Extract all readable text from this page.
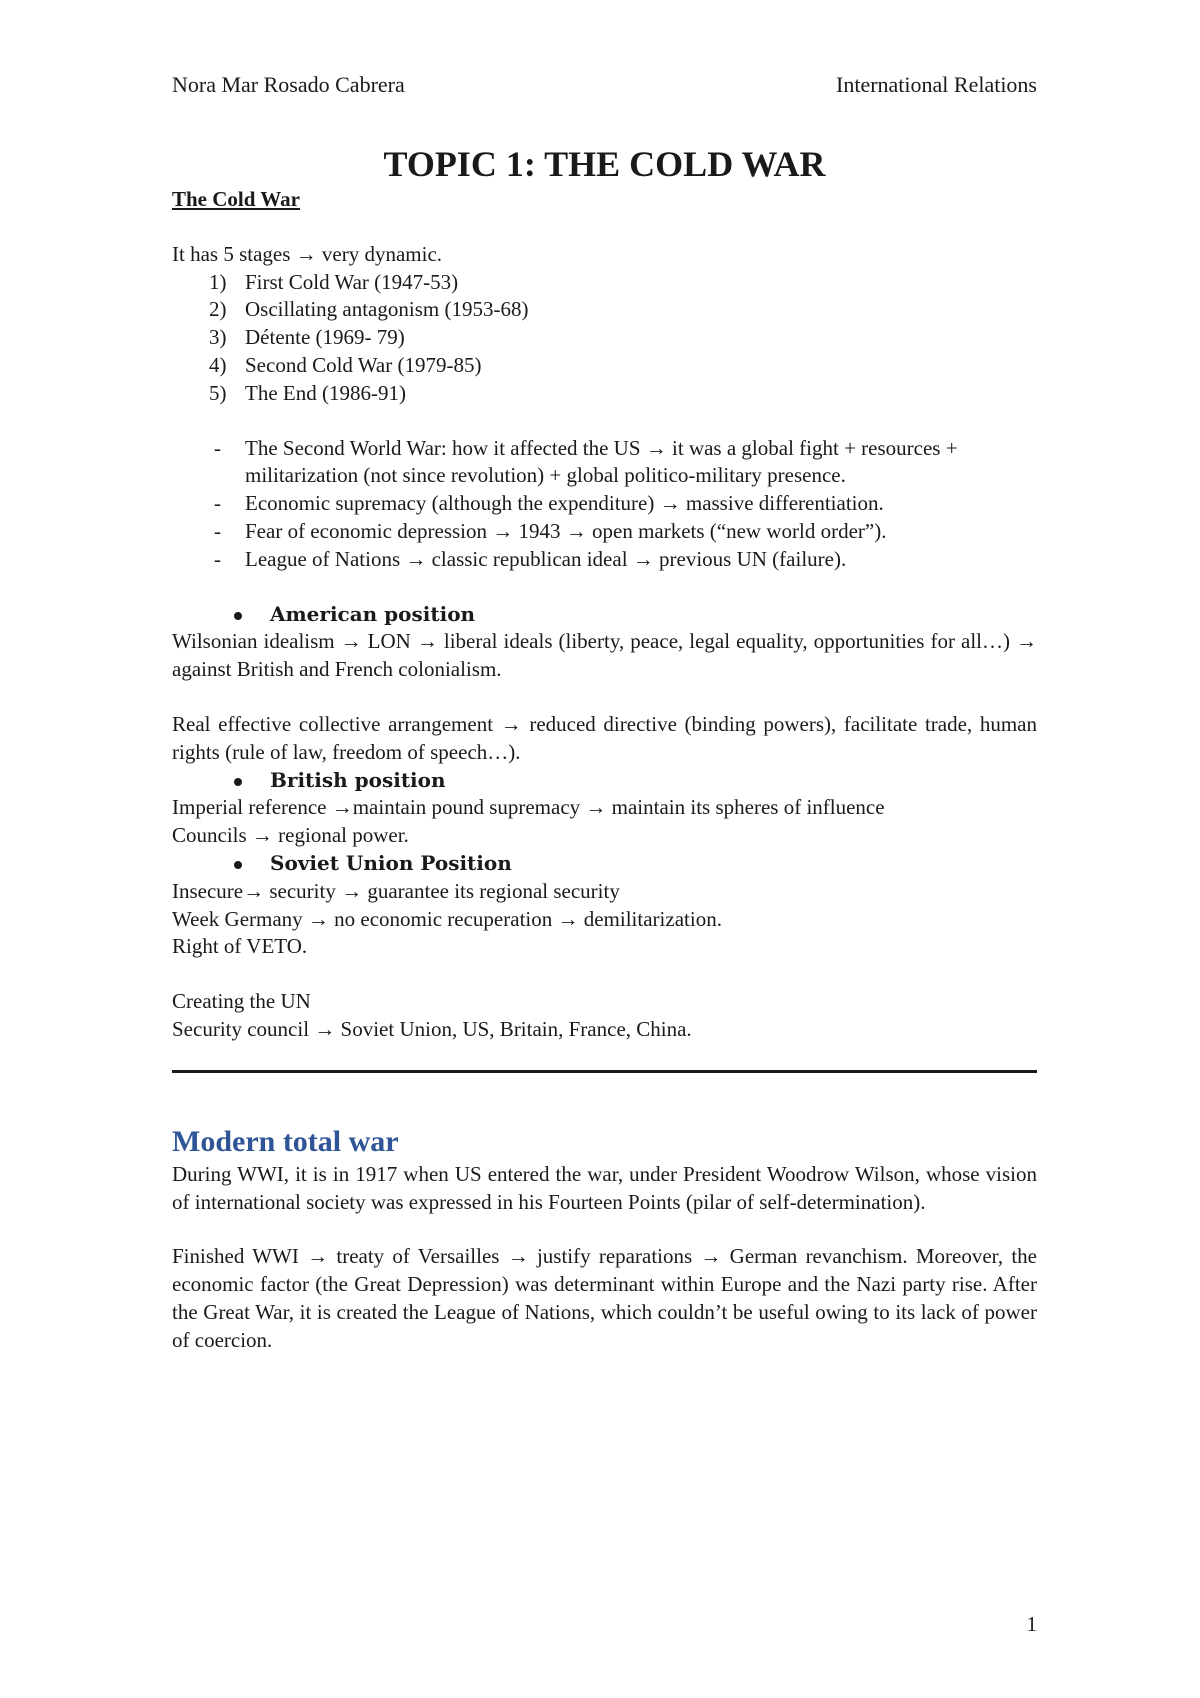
Nora Mar Rosado Cabrera	International Relations
TOPIC 1: THE COLD WAR
The Cold War

It has 5 stages → very dynamic.

1) First Cold War (1947-53)
2) Oscillating antagonism (1953-68)
3) Détente (1969- 79)
4) Second Cold War (1979-85)
5) The End (1986-91)
- The Second World War: how it affected the US → it was a global fight + resources + militarization (not since revolution) + global politico-military presence.
- Economic supremacy (although the expenditure) → massive differentiation.
- Fear of economic depression → 1943 → open markets (“new world order”).
- League of Nations → classic republican ideal → previous UN (failure).
American position

Wilsonian idealism → LON → liberal ideals (liberty, peace, legal equality, opportunities for all…) → against British and French colonialism.

Real effective collective arrangement → reduced directive (binding powers), facilitate trade, human rights (rule of law, freedom of speech…).

British position

Imperial reference →maintain pound supremacy → maintain its spheres of influence

Councils → regional power.

Soviet Union Position

Insecure→ security → guarantee its regional security

Week Germany → no economic recuperation → demilitarization.

Right of VETO.

Creating the UN

Security council → Soviet Union, US, Britain, France, China.

Modern total war

During WWI, it is in 1917 when US entered the war, under President Woodrow Wilson, whose vision of international society was expressed in his Fourteen Points (pilar of self-determination).

Finished WWI → treaty of Versailles → justify reparations → German revanchism. Moreover, the economic factor (the Great Depression) was determinant within Europe and the Nazi party rise. After the Great War, it is created the League of Nations, which couldn’t be useful owing to its lack of power of coercion.

1
